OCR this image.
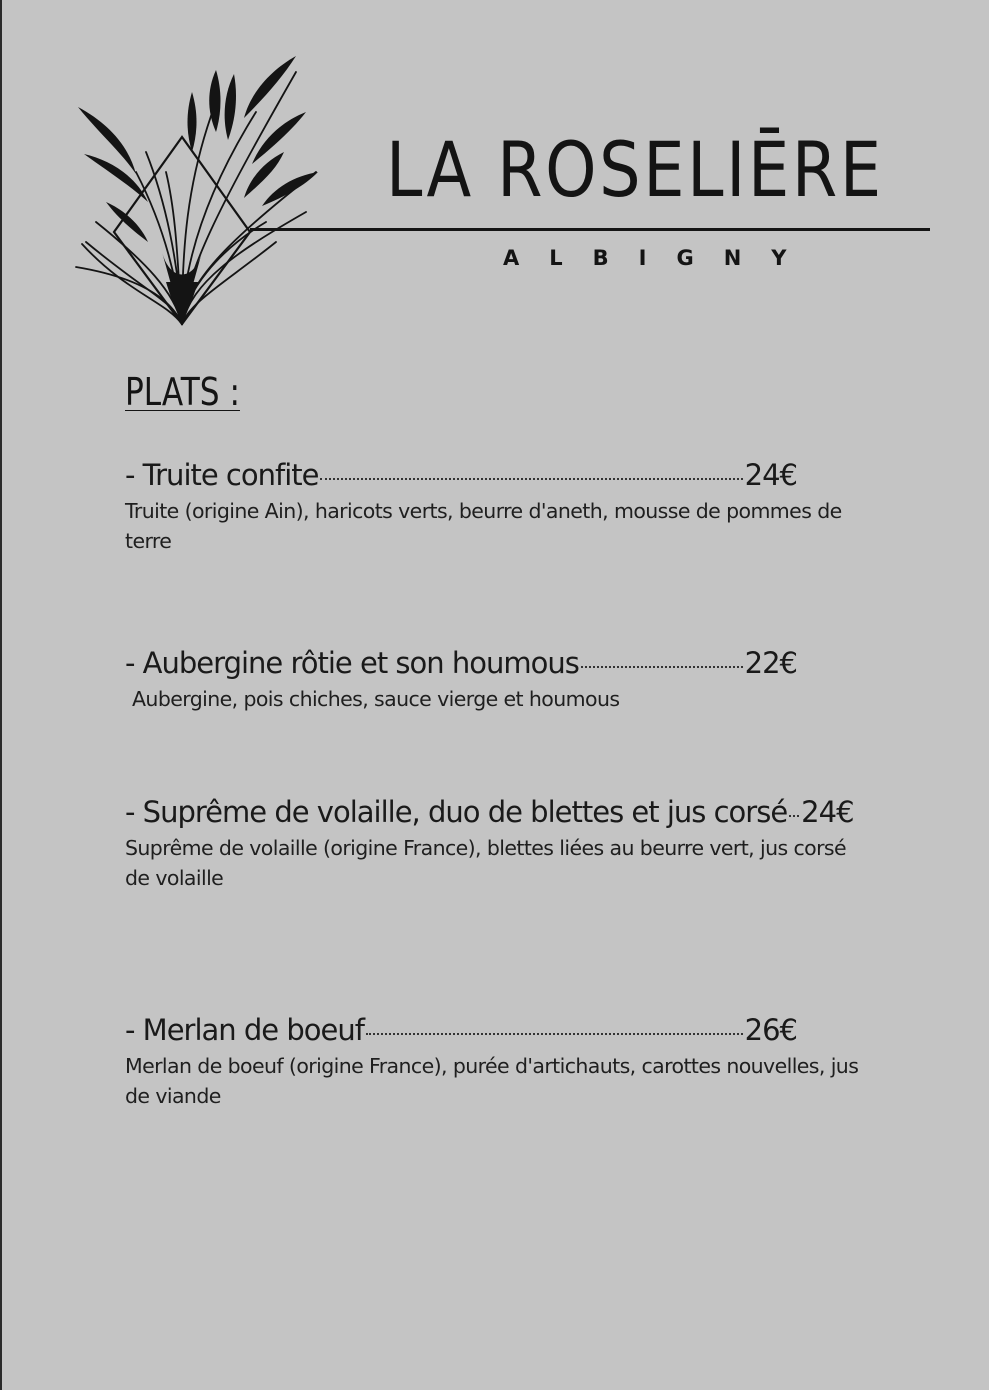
LA ROSELIĒRE
ALBIGNY
PLATS :
- Truite confite	24€
Truite (origine Ain), haricots verts, beurre d'aneth, mousse de pommes de terre
- Aubergine rôtie et son houmous	22€
Aubergine, pois chiches, sauce vierge et houmous
- Suprême de volaille, duo de blettes et jus corsé 24€
Suprême de volaille (origine France), blettes liées au beurre vert, jus corsé de volaille
- Merlan de boeuf	26€
Merlan de boeuf (origine France), purée d'artichauts, carottes nouvelles, jus de viande
